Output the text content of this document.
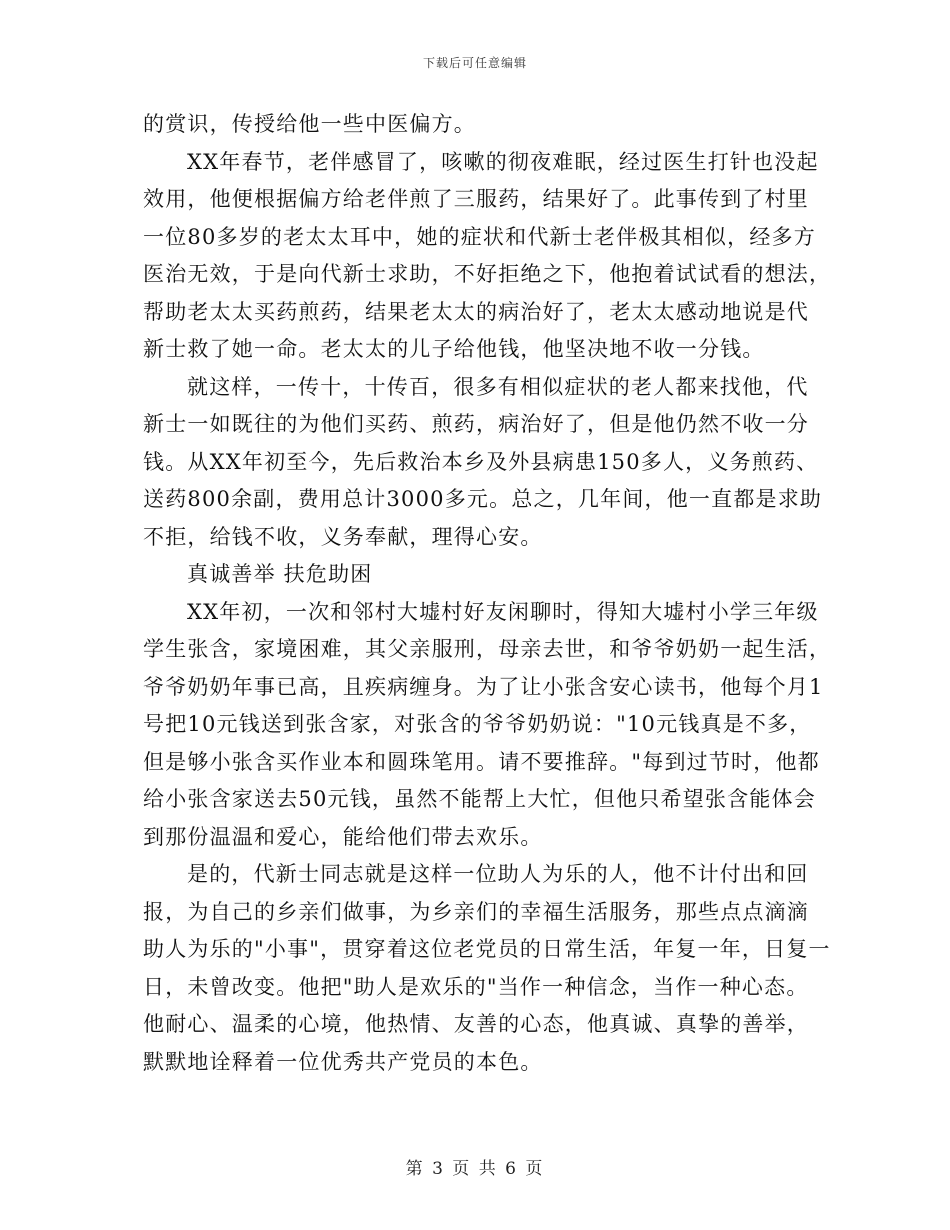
下载后可任意编辑
的赏识，传授给他一些中医偏方。
XX年春节，老伴感冒了，咳嗽的彻夜难眠，经过医生打针也没起
效用，他便根据偏方给老伴煎了三服药，结果好了。此事传到了村里
一位80多岁的老太太耳中，她的症状和代新士老伴极其相似，经多方
医治无效，于是向代新士求助，不好拒绝之下，他抱着试试看的想法，
帮助老太太买药煎药，结果老太太的病治好了，老太太感动地说是代
新士救了她一命。老太太的儿子给他钱，他坚决地不收一分钱。
就这样，一传十，十传百，很多有相似症状的老人都来找他，代
新士一如既往的为他们买药、煎药，病治好了，但是他仍然不收一分
钱。从XX年初至今，先后救治本乡及外县病患150多人，义务煎药、
送药800余副，费用总计3000多元。总之，几年间，他一直都是求助
不拒，给钱不收，义务奉献，理得心安。
真诚善举 扶危助困
XX年初，一次和邻村大墟村好友闲聊时，得知大墟村小学三年级
学生张含，家境困难，其父亲服刑，母亲去世，和爷爷奶奶一起生活，
爷爷奶奶年事已高，且疾病缠身。为了让小张含安心读书，他每个月1
号把10元钱送到张含家，对张含的爷爷奶奶说："10元钱真是不多，
但是够小张含买作业本和圆珠笔用。请不要推辞。"每到过节时，他都
给小张含家送去50元钱，虽然不能帮上大忙，但他只希望张含能体会
到那份温温和爱心，能给他们带去欢乐。
是的，代新士同志就是这样一位助人为乐的人，他不计付出和回
报，为自己的乡亲们做事，为乡亲们的幸福生活服务，那些点点滴滴
助人为乐的"小事"，贯穿着这位老党员的日常生活，年复一年，日复一
日，未曾改变。他把"助人是欢乐的"当作一种信念，当作一种心态。
他耐心、温柔的心境，他热情、友善的心态，他真诚、真挚的善举，
默默地诠释着一位优秀共产党员的本色。
第 3 页 共 6 页
